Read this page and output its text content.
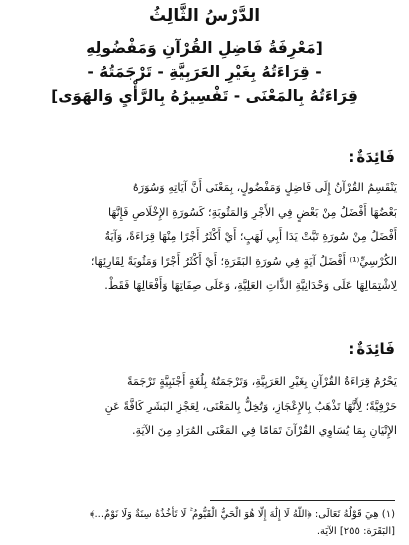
الدَّرْسُ الثَّالِثُ
[مَعْرِفَةُ فَاضِلِ القُرْآنِ وَمَفْضُولِهِ
- قِرَاءَتُهُ بِغَيْرِ العَرَبِيَّةِ - تَرْجَمَتُهُ -
قِرَاءَتُهُ بِالمَعْنَى - تَفْسِيرُهُ بِالرَّأْيِ وَالهَوَى]
فَائِدَةٌ:
يَنْقَسِمُ القُرْآنُ إِلَى فَاضِلٍ وَمَفْضُولٍ، بِمَعْنَى أَنَّ آيَاتِهِ وَسُوَرَهُ
بَعْضُهَا أَفْضَلُ مِنْ بَعْضٍ فِي الأَجْرِ وَالمَثُوبَةِ؛ كَسُورَةِ الإِخْلَاصِ فَإِنَّهَا
أَفْضَلُ مِنْ سُورَةِ تَبَّتْ يَدَا أَبِي لَهَبٍ؛ أَيْ أَكْثَرُ أَجْرًا مِنْهَا قِرَاءَةً، وَآيَةُ
الكُرْسِيِّ⁽¹⁾ أَفْضَلُ آيَةٍ فِي سُورَةِ البَقَرَةِ؛ أَيْ أَكْثَرُ أَجْرًا وَمَثُوبَةً لِقَارِئِهَا؛
لِاشْتِمَالِهَا عَلَى وَحْدَانِيَّةِ الذَّاتِ العَلِيَّةِ، وَعَلَى صِفَاتِهَا وَأَفْعَالِهَا فَقَطْ.
فَائِدَةٌ:
يَحْرُمُ قِرَاءَةُ القُرْآنِ بِغَيْرِ العَرَبِيَّةِ، وَتَرْجَمَتُهُ بِلُغَةٍ أَجْنَبِيَّةٍ تَرْجَمَةً
حَرْفِيَّةً؛ لِأَنَّهَا تَذْهَبُ بِالإِعْجَازِ، وَتُخِلُّ بِالمَعْنَى، لِعَجْزِ البَشَرِ كَافَّةً عَنِ
الإِتْيَانِ بِمَا يُسَاوِي القُرْآنَ تَمَامًا فِي المَعْنَى المُرَادِ مِنَ الآيَةِ.
(١) هِيَ قَوْلُهُ تَعَالَى: ﴿اللَّهُ لَا إِلَٰهَ إِلَّا هُوَ الْحَيُّ الْقَيُّومُ ۚ لَا تَأْخُذُهُ سِنَةٌ وَلَا نَوْمٌ...﴾
[البَقَرَة: ٢٥٥] الآيَة.
